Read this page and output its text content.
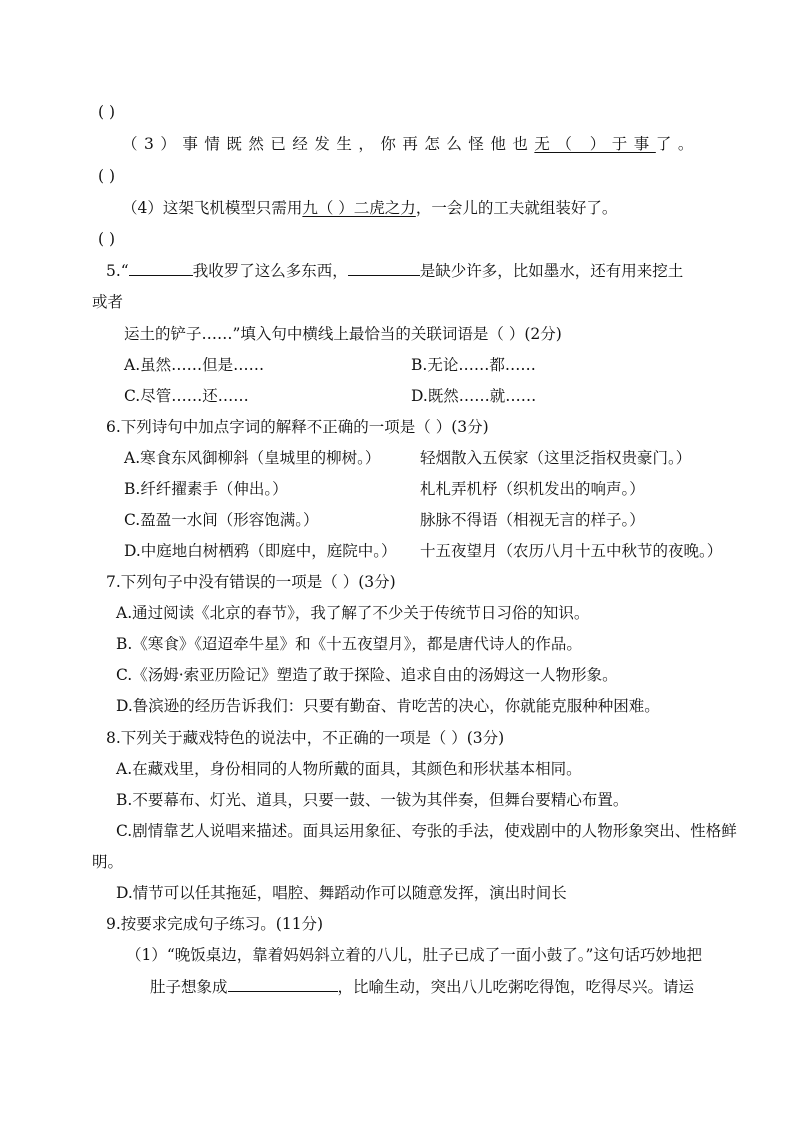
( )
（3）事情既然已经发生，你再怎么怪他也无（ ）于事了。
( )
（4）这架飞机模型只需用九（ ）二虎之力，一会儿的工夫就组装好了。
( )
5.“	我收罗了这么多东西，	是缺少许多，比如墨水，还有用来挖土
或者
运土的铲子……”填入句中横线上最恰当的关联词语是（ ）(2分)
A.虽然……但是……	B.无论……都……
C.尽管……还……	D.既然……就……
6.下列诗句中加点字词的解释不正确的一项是（ ）(3分)
A.寒食东风御柳斜（皇城里的柳树。）	轻烟散入五侯家（这里泛指权贵豪门。）
B.纤纤擢素手（伸出。）	札札弄机杼（织机发出的响声。）
C.盈盈一水间（形容饱满。）	脉脉不得语（相视无言的样子。）
D.中庭地白树栖鸦（即庭中，庭院中。） 十五夜望月（农历八月十五中秋节的夜晚。）
7.下列句子中没有错误的一项是（ ）(3分)
A.通过阅读《北京的春节》，我了解了不少关于传统节日习俗的知识。
B.《寒食》《迢迢牵牛星》和《十五夜望月》，都是唐代诗人的作品。
C.《汤姆·索亚历险记》塑造了敢于探险、追求自由的汤姆这一人物形象。
D.鲁滨逊的经历告诉我们：只要有勤奋、肯吃苦的决心，你就能克服种种困难。
8.下列关于藏戏特色的说法中，不正确的一项是（ ）(3分)
A.在藏戏里，身份相同的人物所戴的面具，其颜色和形状基本相同。
B.不要幕布、灯光、道具，只要一鼓、一钹为其伴奏，但舞台要精心布置。
C.剧情靠艺人说唱来描述。面具运用象征、夸张的手法，使戏剧中的人物形象突出、性格鲜
明。
D.情节可以任其拖延，唱腔、舞蹈动作可以随意发挥，演出时间长
9.按要求完成句子练习。(11分)
（1）“晚饭桌边，靠着妈妈斜立着的八儿，肚子已成了一面小鼓了。”这句话巧妙地把
肚子想象成	，比喻生动，突出八儿吃粥吃得饱，吃得尽兴。请运
